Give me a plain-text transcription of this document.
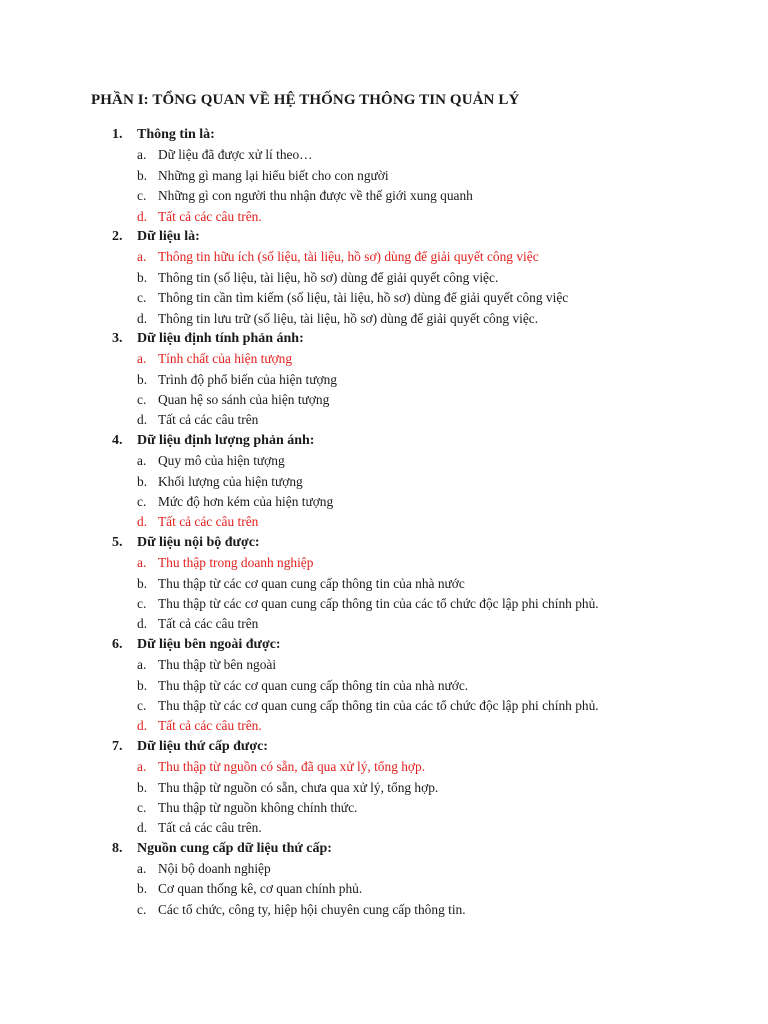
PHẦN I: TỔNG QUAN VỀ HỆ THỐNG THÔNG TIN QUẢN LÝ
1. Thông tin là:
a. Dữ liệu đã được xử lí theo…
b. Những gì mang lại hiểu biết cho con người
c. Những gì con người thu nhận được về thế giới xung quanh
d. Tất cả các câu trên.
2. Dữ liệu là:
a. Thông tin hữu ích (số liệu, tài liệu, hồ sơ) dùng để giải quyết công việc
b. Thông tin (số liệu, tài liệu, hồ sơ) dùng để giải quyết công việc.
c. Thông tin cần tìm kiếm (số liệu, tài liệu, hồ sơ) dùng để giải quyết công việc
d. Thông tin lưu trữ (số liệu, tài liệu, hồ sơ) dùng để giải quyết công việc.
3. Dữ liệu định tính phản ánh:
a. Tính chất của hiện tượng
b. Trình độ phổ biến của hiện tượng
c. Quan hệ so sánh của hiện tượng
d. Tất cả các câu trên
4. Dữ liệu định lượng phản ánh:
a. Quy mô của hiện tượng
b. Khối lượng của hiện tượng
c. Mức độ hơn kém của hiện tượng
d. Tất cả các câu trên
5. Dữ liệu nội bộ được:
a. Thu thập trong doanh nghiệp
b. Thu thập từ các cơ quan cung cấp thông tin của nhà nước
c. Thu thập từ các cơ quan cung cấp thông tin của các tổ chức độc lập phi chính phủ.
d. Tất cả các câu trên
6. Dữ liệu bên ngoài được:
a. Thu thập từ bên ngoài
b. Thu thập từ các cơ quan cung cấp thông tin của nhà nước.
c. Thu thập từ các cơ quan cung cấp thông tin của các tổ chức độc lập phi chính phủ.
d. Tất cả các câu trên.
7. Dữ liệu thứ cấp được:
a. Thu thập từ nguồn có sẵn, đã qua xử lý, tổng hợp.
b. Thu thập từ nguồn có sẵn, chưa qua xử lý, tổng hợp.
c. Thu thập từ nguồn không chính thức.
d. Tất cả các câu trên.
8. Nguồn cung cấp dữ liệu thứ cấp:
a. Nội bộ doanh nghiệp
b. Cơ quan thống kê, cơ quan chính phủ.
c. Các tổ chức, công ty, hiệp hội chuyên cung cấp thông tin.
